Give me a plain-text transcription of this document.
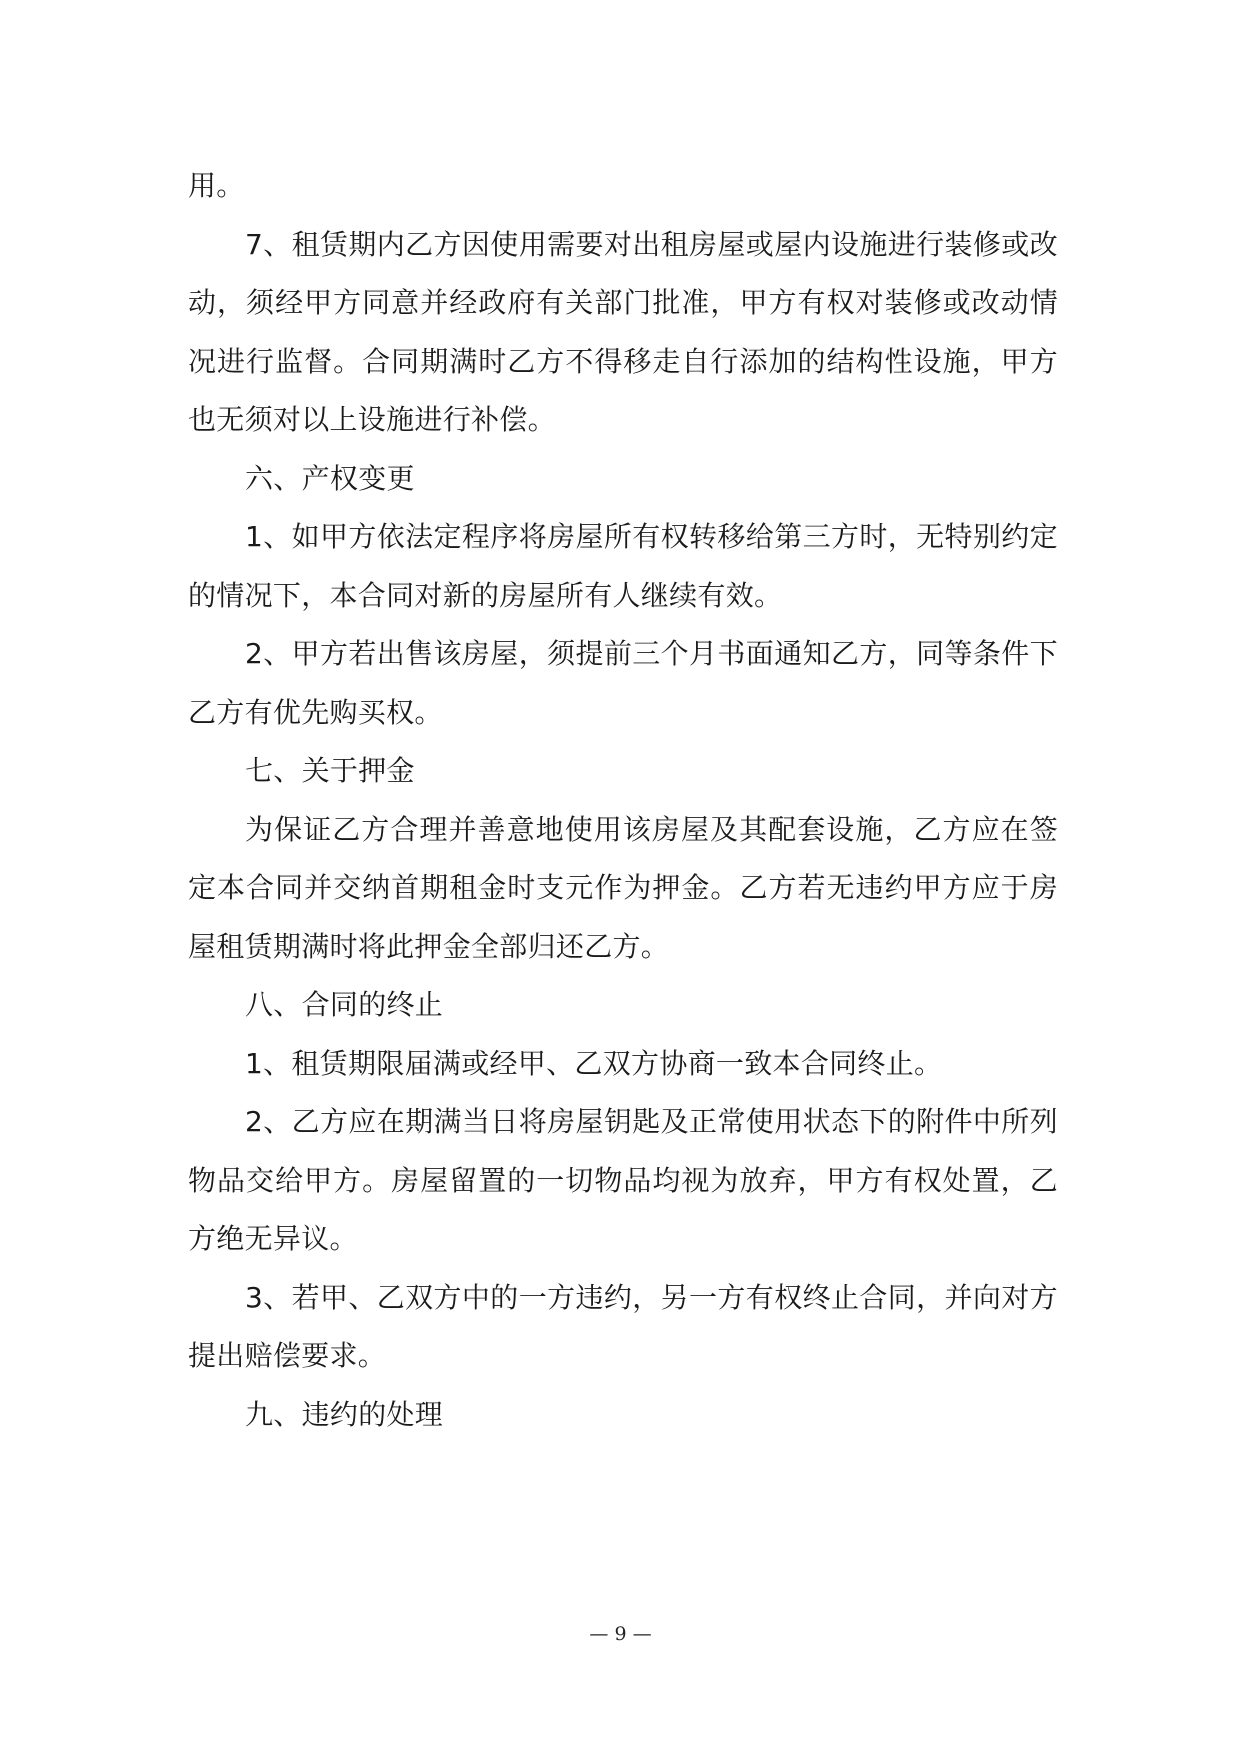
用。

7、租赁期内乙方因使用需要对出租房屋或屋内设施进行装修或改动，须经甲方同意并经政府有关部门批准，甲方有权对装修或改动情况进行监督。合同期满时乙方不得移走自行添加的结构性设施，甲方也无须对以上设施进行补偿。

六、产权变更

1、如甲方依法定程序将房屋所有权转移给第三方时，无特别约定的情况下，本合同对新的房屋所有人继续有效。

2、甲方若出售该房屋，须提前三个月书面通知乙方，同等条件下乙方有优先购买权。

七、关于押金

为保证乙方合理并善意地使用该房屋及其配套设施，乙方应在签定本合同并交纳首期租金时支元作为押金。乙方若无违约甲方应于房屋租赁期满时将此押金全部归还乙方。

八、合同的终止

1、租赁期限届满或经甲、乙双方协商一致本合同终止。

2、乙方应在期满当日将房屋钥匙及正常使用状态下的附件中所列物品交给甲方。房屋留置的一切物品均视为放弃，甲方有权处置，乙方绝无异议。

3、若甲、乙双方中的一方违约，另一方有权终止合同，并向对方提出赔偿要求。

九、违约的处理

— 9 —
